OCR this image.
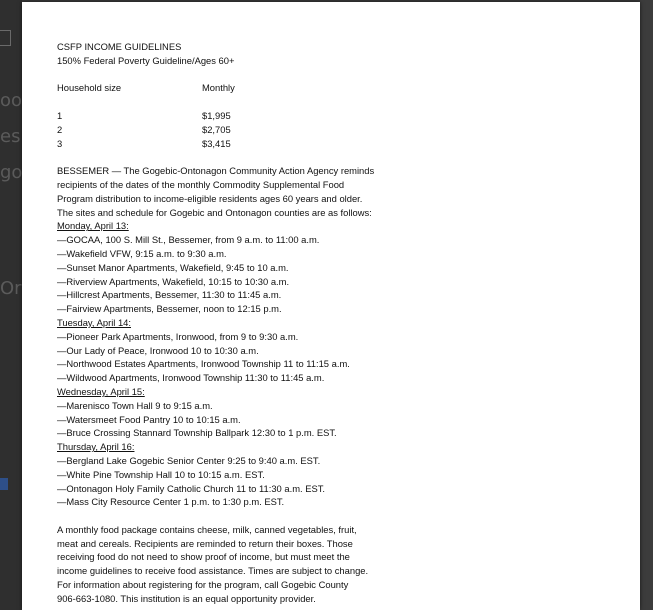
oo
es
go
Or
CSFP INCOME GUIDELINES
150% Federal Poverty Guideline/Ages 60+
Household size	Monthly
1	$1,995
2	$2,705
3	$3,415
BESSEMER — The Gogebic-Ontonagon Community Action Agency reminds
recipients of the dates of the monthly Commodity Supplemental Food
Program distribution to income-eligible residents ages 60 years and older.
The sites and schedule for Gogebic and Ontonagon counties are as follows:
Monday, April 13:
—GOCAA, 100 S. Mill St., Bessemer, from 9 a.m. to 11:00 a.m.
—Wakefield VFW, 9:15 a.m. to 9:30 a.m.
—Sunset Manor Apartments, Wakefield, 9:45 to 10 a.m.
—Riverview Apartments, Wakefield, 10:15 to 10:30 a.m.
—Hillcrest Apartments, Bessemer, 11:30 to 11:45 a.m.
—Fairview Apartments, Bessemer, noon to 12:15 p.m.
Tuesday, April 14:
—Pioneer Park Apartments, Ironwood, from 9 to 9:30 a.m.
—Our Lady of Peace, Ironwood 10 to 10:30 a.m.
—Northwood Estates Apartments, Ironwood Township 11 to 11:15 a.m.
—Wildwood Apartments, Ironwood Township 11:30 to 11:45 a.m.
Wednesday, April 15:
—Marenisco Town Hall 9 to 9:15 a.m.
—Watersmeet Food Pantry 10 to 10:15 a.m.
—Bruce Crossing Stannard Township Ballpark 12:30 to 1 p.m. EST.
Thursday, April 16:
—Bergland Lake Gogebic Senior Center 9:25 to 9:40 a.m. EST.
—White Pine Township Hall 10 to 10:15 a.m. EST.
—Ontonagon Holy Family Catholic Church 11 to 11:30 a.m. EST.
—Mass City Resource Center 1 p.m. to 1:30 p.m. EST.
A monthly food package contains cheese, milk, canned vegetables, fruit,
meat and cereals. Recipients are reminded to return their boxes. Those
receiving food do not need to show proof of income, but must meet the
income guidelines to receive food assistance. Times are subject to change.
For information about registering for the program, call Gogebic County
906-663-1080. This institution is an equal opportunity provider.
